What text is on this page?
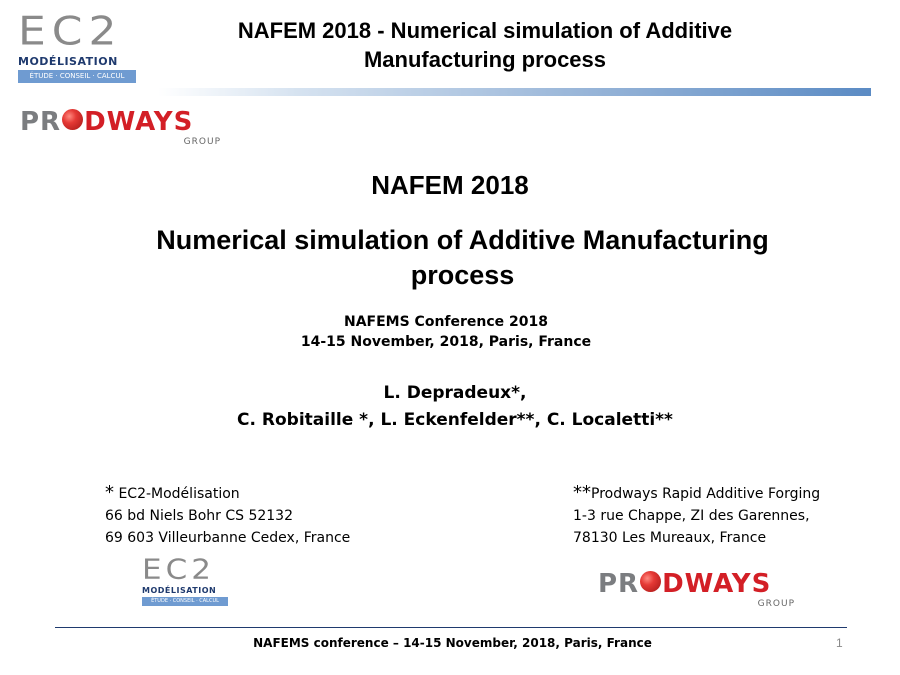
NAFEM 2018 - Numerical simulation of Additive
Manufacturing process
EC2
MODÉLISATION
ÉTUDE · CONSEIL · CALCUL
PR DWAYS
GROUP
NAFEM 2018
Numerical simulation of Additive Manufacturing
process
NAFEMS Conference 2018
14-15 November, 2018, Paris, France
L. Depradeux*,
C. Robitaille *, L. Eckenfelder**, C. Localetti**
* EC2-Modélisation
66 bd Niels Bohr CS 52132
69 603 Villeurbanne Cedex, France
**Prodways Rapid Additive Forging
1-3 rue Chappe, ZI des Garennes,
78130 Les Mureaux, France
EC2
MODÉLISATION
ÉTUDE · CONSEIL · CALCUL
PR DWAYS
GROUP
NAFEMS conference – 14-15 November, 2018, Paris, France	1
